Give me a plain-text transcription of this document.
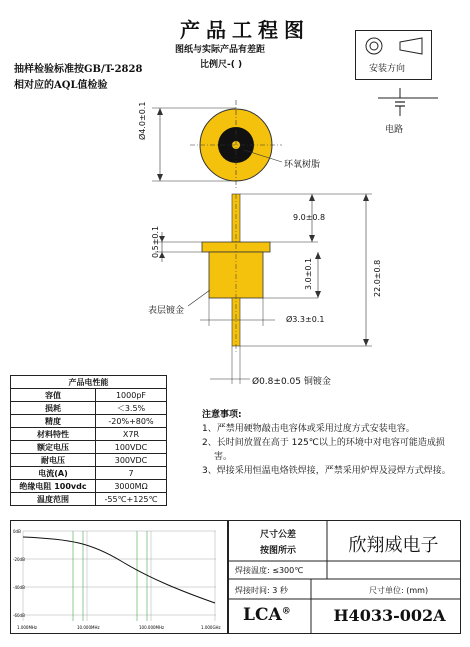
产品工程图
图纸与实际产品有差距
比例尺-( )
抽样检验标准按GB/T-2828 相对应的AQL值检验
安装方向
电路
Ø4.0±0.1
环氧树脂
9.0±0.8
0.5±0.1
3.0±0.1	22.0±0.8
表层镀金
Ø3.3±0.1
Ø0.8±0.05 铜镀金
产品电性能	
容值	1000pF
损耗	＜3.5%
精度	-20%+80%
材料特性	X7R
额定电压	100VDC
耐电压	300VDC
电流(A)	7
绝缘电阻 100vdc	3000MΩ
温度范围	-55℃+125℃
注意事项:
1、严禁用硬物敲击电容体或采用过度方式安装电容。
2、长时间放置在高于 125℃以上的环境中对电容可能造成损害。
3、焊接采用恒温电烙铁焊接，严禁采用炉焊及浸焊方式焊接。
0dB
-20dB
-40dB
-60dB
1.000MHz	10.000MHz	100.000MHz	1.000GHz
尺寸公差
按图所示	欣翔威电子
焊接温度: ≤300℃
焊接时间: 3 秒	尺寸单位: (mm)
LCA®	H4033-002A
